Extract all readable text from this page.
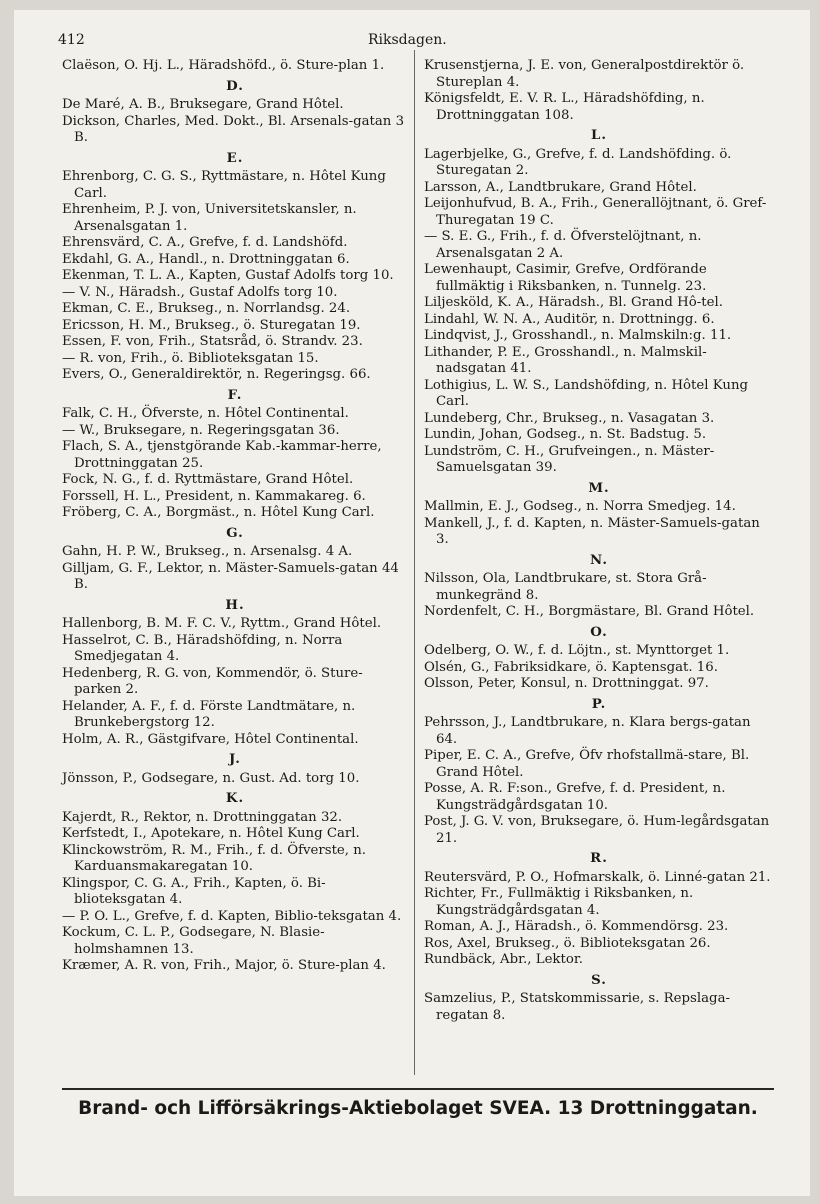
412	Riksdagen.
Claëson, O. Hj. L., Häradshöfd., ö. Sture-plan 1.
D.
De Maré, A. B., Bruksegare, Grand Hôtel.
Dickson, Charles, Med. Dokt., Bl. Arsenals-gatan 3 B.
E.
Ehrenborg, C. G. S., Ryttmästare, n. Hôtel Kung Carl.
Ehrenheim, P. J. von, Universitetskansler, n. Arsenalsgatan 1.
Ehrensvärd, C. A., Grefve, f. d. Landshöfd.
Ekdahl, G. A., Handl., n. Drottninggatan 6.
Ekenman, T. L. A., Kapten, Gustaf Adolfs torg 10.
— V. N., Häradsh., Gustaf Adolfs torg 10.
Ekman, C. E., Bruksеg., n. Norrlandsg. 24.
Ericsson, H. M., Brukseg., ö. Sturegatan 19.
Essen, F. von, Frih., Statsråd, ö. Strandv. 23.
— R. von, Frih., ö. Biblioteksgatan 15.
Evers, O., Generaldirektör, n. Regeringsg. 66.
F.
Falk, C. H., Öfverste, n. Hôtel Continental.
— W., Bruksegare, n. Regeringsgatan 36.
Flach, S. A., tjenstgörande Kab.-kammar-herre, Drottninggatan 25.
Fock, N. G., f. d. Ryttmästare, Grand Hôtel.
Forssell, H. L., President, n. Kammakareg. 6.
Fröberg, C. A., Borgmäst., n. Hôtel Kung Carl.
G.
Gahn, H. P. W., Brukseg., n. Arsenalsg. 4 A.
Gilljam, G. F., Lektor, n. Mäster-Samuels-gatan 44 B.
H.
Hallenborg, B. M. F. C. V., Ryttm., Grand Hôtel.
Hasselrot, C. B., Häradshöfding, n. Norra Smedjegatan 4.
Hedenberg, R. G. von, Kommendör, ö. Sture-parken 2.
Helander, A. F., f. d. Förste Landtmätare, n. Brunkebergstorg 12.
Holm, A. R., Gästgifvare, Hôtel Continental.
J.
Jönsson, P., Godsegare, n. Gust. Ad. torg 10.
K.
Kajerdt, R., Rektor, n. Drottninggatan 32.
Kerfstedt, I., Apotekare, n. Hôtel Kung Carl.
Klinckowström, R. M., Frih., f. d. Öfverste, n. Karduansmakaregatan 10.
Klingspor, C. G. A., Frih., Kapten, ö. Bi-blioteksgatan 4.
— P. O. L., Grefve, f. d. Kapten, Biblio-teksgatan 4.
Kockum, C. L. P., Godsegare, N. Blasie-holmshamnen 13.
Kræmer, A. R. von, Frih., Major, ö. Sture-plan 4.
Krusenstjerna, J. E. von, Generalpostdirektör ö. Stureplan 4.
Königsfeldt, E. V. R. L., Häradshöfding, n. Drottninggatan 108.
L.
Lagerbjelke, G., Grefve, f. d. Landshöfding. ö. Sturegatan 2.
Larsson, A., Landtbrukare, Grand Hôtel.
Leijonhufvud, B. A., Frih., Generallöjtnant, ö. Gref-Thuregatan 19 C.
— S. E. G., Frih., f. d. Öfverstelöjtnant, n. Arsenalsgatan 2 A.
Lewenhaupt, Casimir, Grefve, Ordförande fullmäktig i Riksbanken, n. Tunnelg. 23.
Liljesköld, K. A., Häradsh., Bl. Grand Hô-tel.
Lindahl, W. N. A., Auditör, n. Drottningg. 6.
Lindqvist, J., Grosshandl., n. Malmskiln:g. 11.
Lithander, P. E., Grosshandl., n. Malmskil-nadsgatan 41.
Lothigius, L. W. S., Landshöfding, n. Hôtel Kung Carl.
Lundeberg, Chr., Brukseg., n. Vasagatan 3.
Lundin, Johan, Godseg., n. St. Badstug. 5.
Lundström, C. H., Grufveingen., n. Mäster-Samuelsgatan 39.
M.
Mallmin, E. J., Godseg., n. Norra Smedjeg. 14.
Mankell, J., f. d. Kapten, n. Mäster-Samuels-gatan 3.
N.
Nilsson, Ola, Landtbrukare, st. Stora Grå-munkegränd 8.
Nordenfelt, C. H., Borgmästare, Bl. Grand Hôtel.
O.
Odelberg, O. W., f. d. Löjtn., st. Mynttorget 1.
Olsén, G., Fabriksidkare, ö. Kaptensgat. 16.
Olsson, Peter, Konsul, n. Drottninggat. 97.
P.
Pehrsson, J., Landtbrukare, n. Klara bergs-gatan 64.
Piper, E. C. A., Grefve, Öfv rhofstallmä-stare, Bl. Grand Hôtel.
Posse, A. R. F:son., Grefve, f. d. President, n. Kungsträdgårdsgatan 10.
Post, J. G. V. von, Bruksegare, ö. Hum-legårdsgatan 21.
R.
Reutersvärd, P. O., Hofmarskalk, ö. Linné-gatan 21.
Richter, Fr., Fullmäktig i Riksbanken, n. Kungsträdgårdsgatan 4.
Roman, A. J., Häradsh., ö. Kommendörsg. 23.
Ros, Axel, Brukseg., ö. Biblioteksgatan 26.
Rundbäck, Abr., Lektor.
S.
Samzelius, P., Statskommissarie, s. Repslaga-regatan 8.
Brand- och Lifförsäkrings-Aktiebolaget SVEA. 13 Drottninggatan.
